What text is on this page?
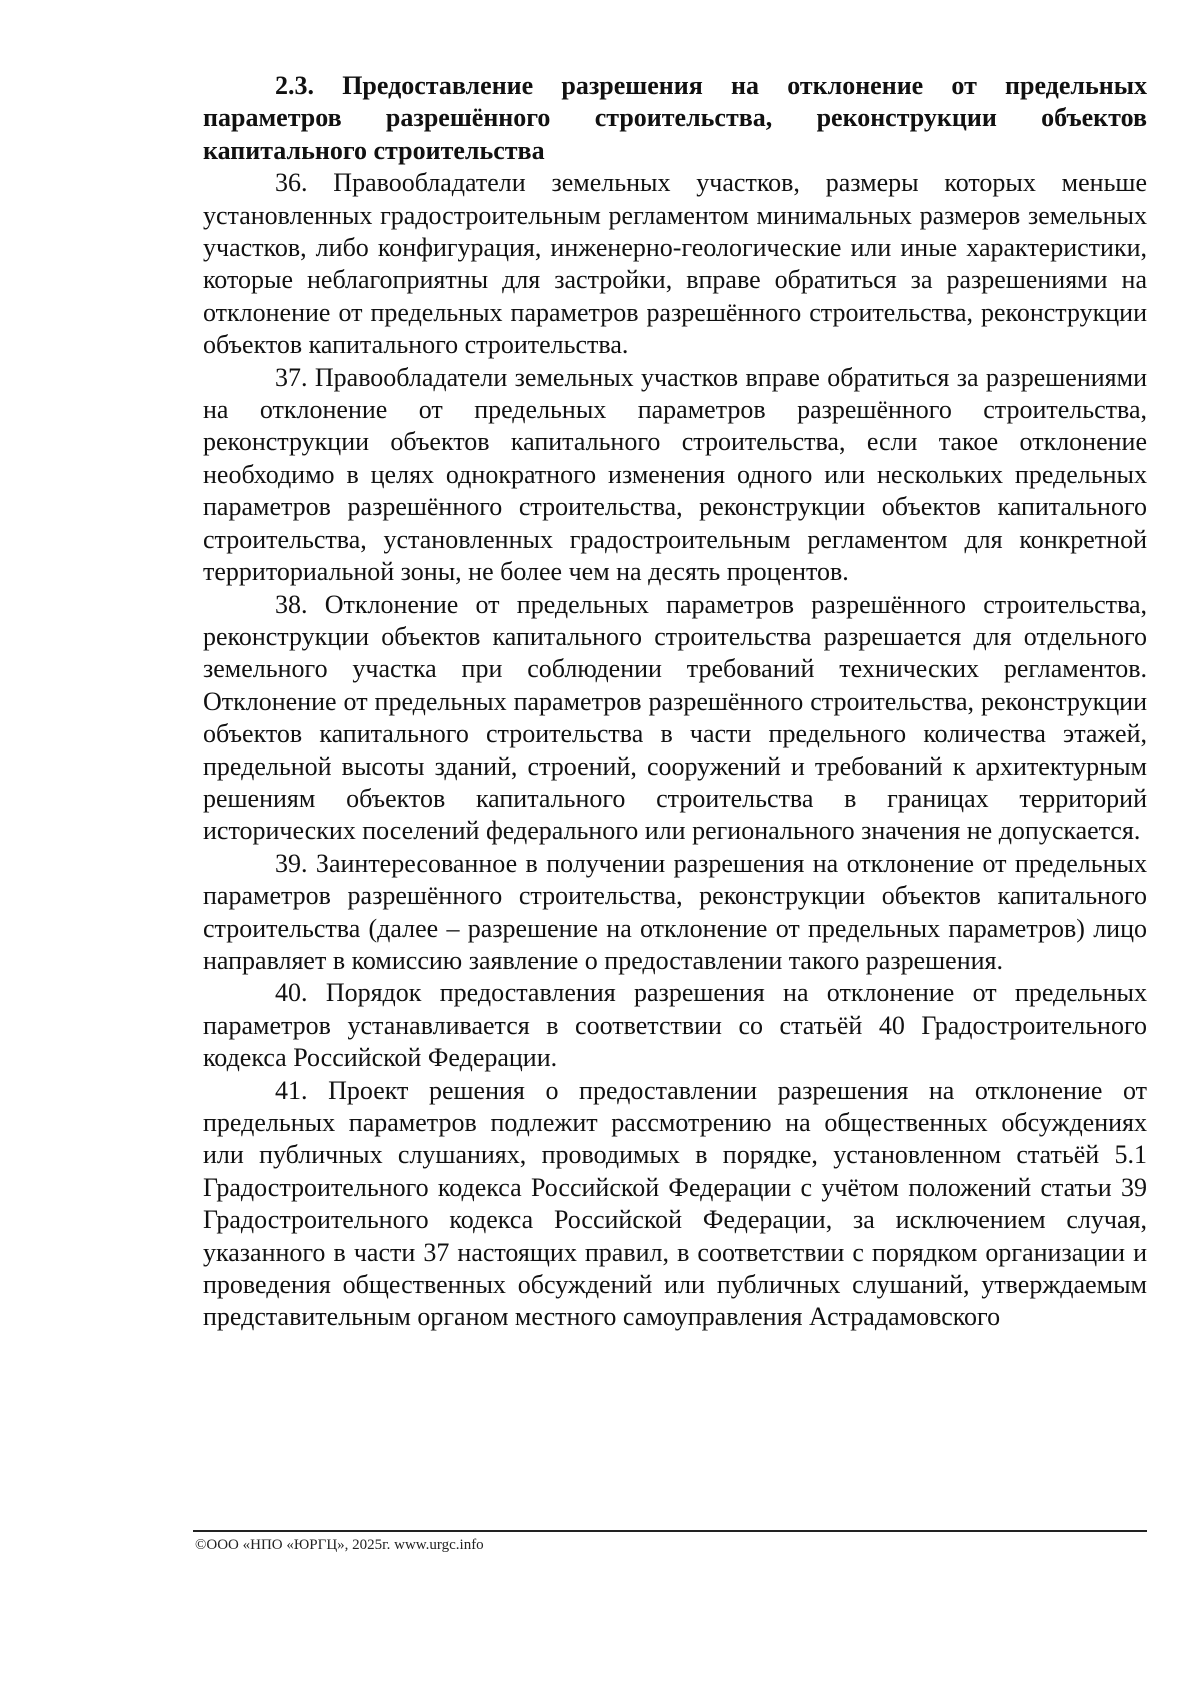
2.3. Предоставление разрешения на отклонение от предельных параметров разрешённого строительства, реконструкции объектов капитального строительства

36. Правообладатели земельных участков, размеры которых меньше установленных градостроительным регламентом минимальных размеров земельных участков, либо конфигурация, инженерно-геологические или иные характеристики, которые неблагоприятны для застройки, вправе обратиться за разрешениями на отклонение от предельных параметров разрешённого строительства, реконструкции объектов капитального строительства.

37. Правообладатели земельных участков вправе обратиться за разрешениями на отклонение от предельных параметров разрешённого строительства, реконструкции объектов капитального строительства, если такое отклонение необходимо в целях однократного изменения одного или нескольких предельных параметров разрешённого строительства, реконструкции объектов капитального строительства, установленных градостроительным регламентом для конкретной территориальной зоны, не более чем на десять процентов.

38. Отклонение от предельных параметров разрешённого строительства, реконструкции объектов капитального строительства разрешается для отдельного земельного участка при соблюдении требований технических регламентов. Отклонение от предельных параметров разрешённого строительства, реконструкции объектов капитального строительства в части предельного количества этажей, предельной высоты зданий, строений, сооружений и требований к архитектурным решениям объектов капитального строительства в границах территорий исторических поселений федерального или регионального значения не допускается.

39. Заинтересованное в получении разрешения на отклонение от предельных параметров разрешённого строительства, реконструкции объектов капитального строительства (далее – разрешение на отклонение от предельных параметров) лицо направляет в комиссию заявление о предоставлении такого разрешения.

40. Порядок предоставления разрешения на отклонение от предельных параметров устанавливается в соответствии со статьёй 40 Градостроительного кодекса Российской Федерации.

41. Проект решения о предоставлении разрешения на отклонение от предельных параметров подлежит рассмотрению на общественных обсуждениях или публичных слушаниях, проводимых в порядке, установленном статьёй 5.1 Градостроительного кодекса Российской Федерации с учётом положений статьи 39 Градостроительного кодекса Российской Федерации, за исключением случая, указанного в части 37 настоящих правил, в соответствии с порядком организации и проведения общественных обсуждений или публичных слушаний, утверждаемым представительным органом местного самоуправления Астрадамовского

©ООО «НПО «ЮРГЦ», 2025г. www.urgc.info
